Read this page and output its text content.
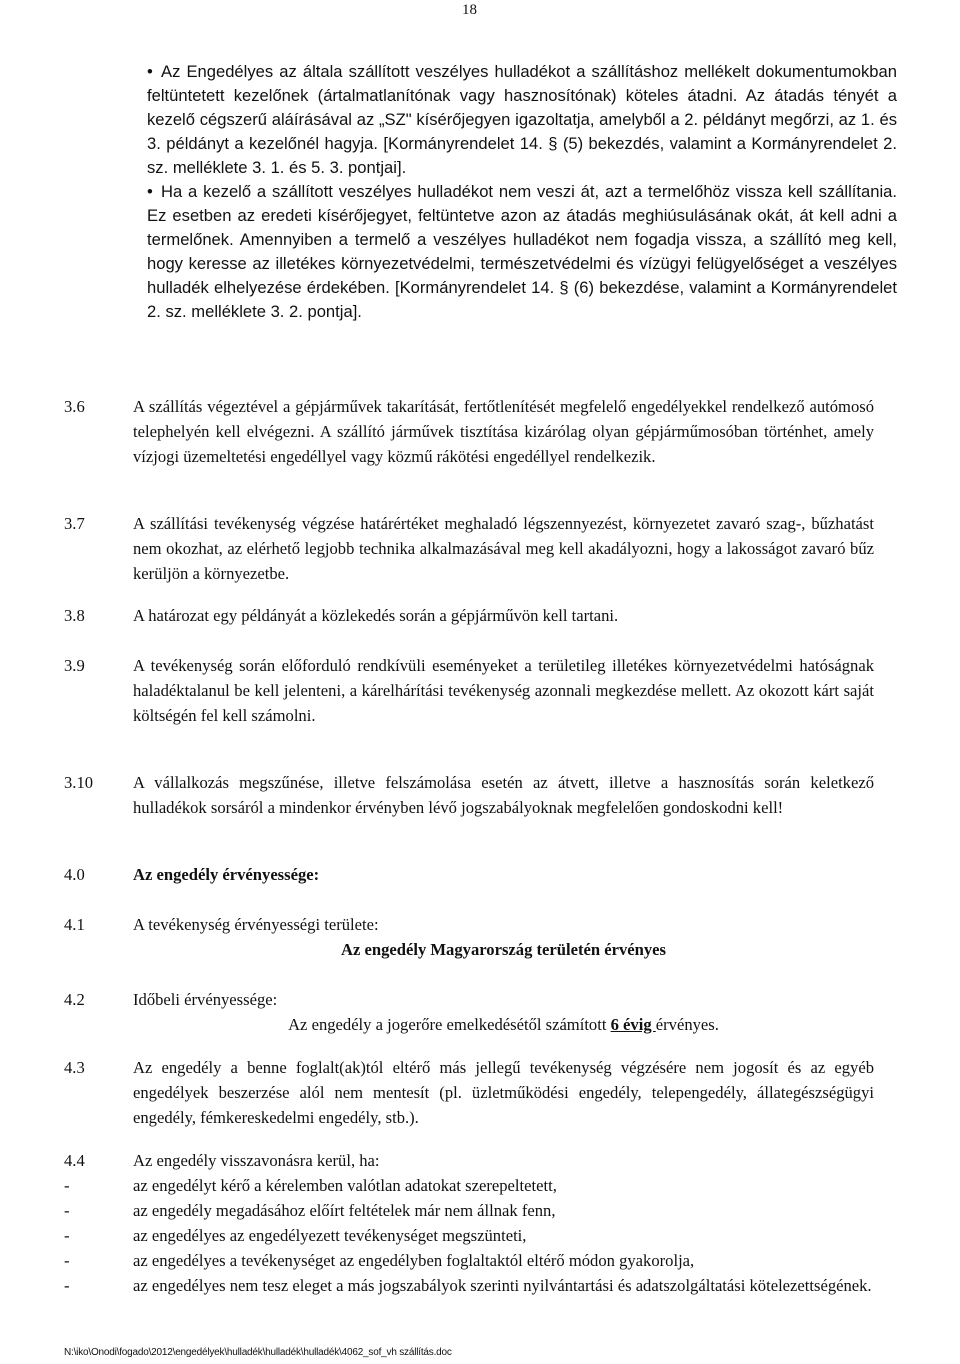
18

• Az Engedélyes az általa szállított veszélyes hulladékot a szállításhoz mellékelt dokumentumokban feltüntetett kezelőnek (ártalmatlanítónak vagy hasznosítónak) köteles átadni. Az átadás tényét a kezelő cégszerű aláírásával az „SZ" kísérőjegyen igazoltatja, amelyből a 2. példányt megőrzi, az 1. és 3. példányt a kezelőnél hagyja. [Kormányrendelet 14. § (5) bekezdés, valamint a Kormányrendelet 2. sz. melléklete 3. 1. és 5. 3. pontjai].

• Ha a kezelő a szállított veszélyes hulladékot nem veszi át, azt a termelőhöz vissza kell szállítania. Ez esetben az eredeti kísérőjegyet, feltüntetve azon az átadás meghiúsulásának okát, át kell adni a termelőnek. Amennyiben a termelő a veszélyes hulladékot nem fogadja vissza, a szállító meg kell, hogy keresse az illetékes környezetvédelmi, természetvédelmi és vízügyi felügyelőséget a veszélyes hulladék elhelyezése érdekében. [Kormányrendelet 14. § (6) bekezdése, valamint a Kormányrendelet 2. sz. melléklete 3. 2. pontja].

3.6	A szállítás végeztével a gépjárművek takarítását, fertőtlenítését megfelelő engedélyekkel rendelkező autómosó telephelyén kell elvégezni. A szállító járművek tisztítása kizárólag olyan gépjárműmosóban történhet, amely vízjogi üzemeltetési engedéllyel vagy közmű rákötési engedéllyel rendelkezik.

3.7	A szállítási tevékenység végzése határértéket meghaladó légszennyezést, környezetet zavaró szag-, bűzhatást nem okozhat, az elérhető legjobb technika alkalmazásával meg kell akadályozni, hogy a lakosságot zavaró bűz kerüljön a környezetbe.

3.8	A határozat egy példányát a közlekedés során a gépjárművön kell tartani.

3.9	A tevékenység során előforduló rendkívüli eseményeket a területileg illetékes környezetvédelmi hatóságnak haladéktalanul be kell jelenteni, a kárelhárítási tevékenység azonnali megkezdése mellett. Az okozott kárt saját költségén fel kell számolni.

3.10 A vállalkozás megszűnése, illetve felszámolása esetén az átvett, illetve a hasznosítás során keletkező hulladékok sorsáról a mindenkor érvényben lévő jogszabályoknak megfelelően gondoskodni kell!

4.0	Az engedély érvényessége:

4.1	A tevékenység érvényességi területe:

Az engedély Magyarország területén érvényes

4.2	Időbeli érvényessége:

Az engedély a jogerőre emelkedésétől számított 6 évig érvényes.

4.3	Az engedély a benne foglalt(ak)tól eltérő más jellegű tevékenység végzésére nem jogosít és az egyéb engedélyek beszerzése alól nem mentesít (pl. üzletműködési engedély, telepengedély, állategészségügyi engedély, fémkereskedelmi engedély, stb.).

4.4	Az engedély visszavonásra kerül, ha:

-	az engedélyt kérő a kérelemben valótlan adatokat szerepeltetett,
-	az engedély megadásához előírt feltételek már nem állnak fenn,
-	az engedélyes az engedélyezett tevékenységet megszünteti,
-	az engedélyes a tevékenységet az engedélyben foglaltaktól eltérő módon gyakorolja,
-	az engedélyes nem tesz eleget a más jogszabályok szerinti nyilvántartási és adatszolgáltatási kötelezettségének.
N:\iko\Onodi\fogado\2012\engedélyek\hulladék\hulladék\hulladék\4062_sof_vh szállítás.doc
